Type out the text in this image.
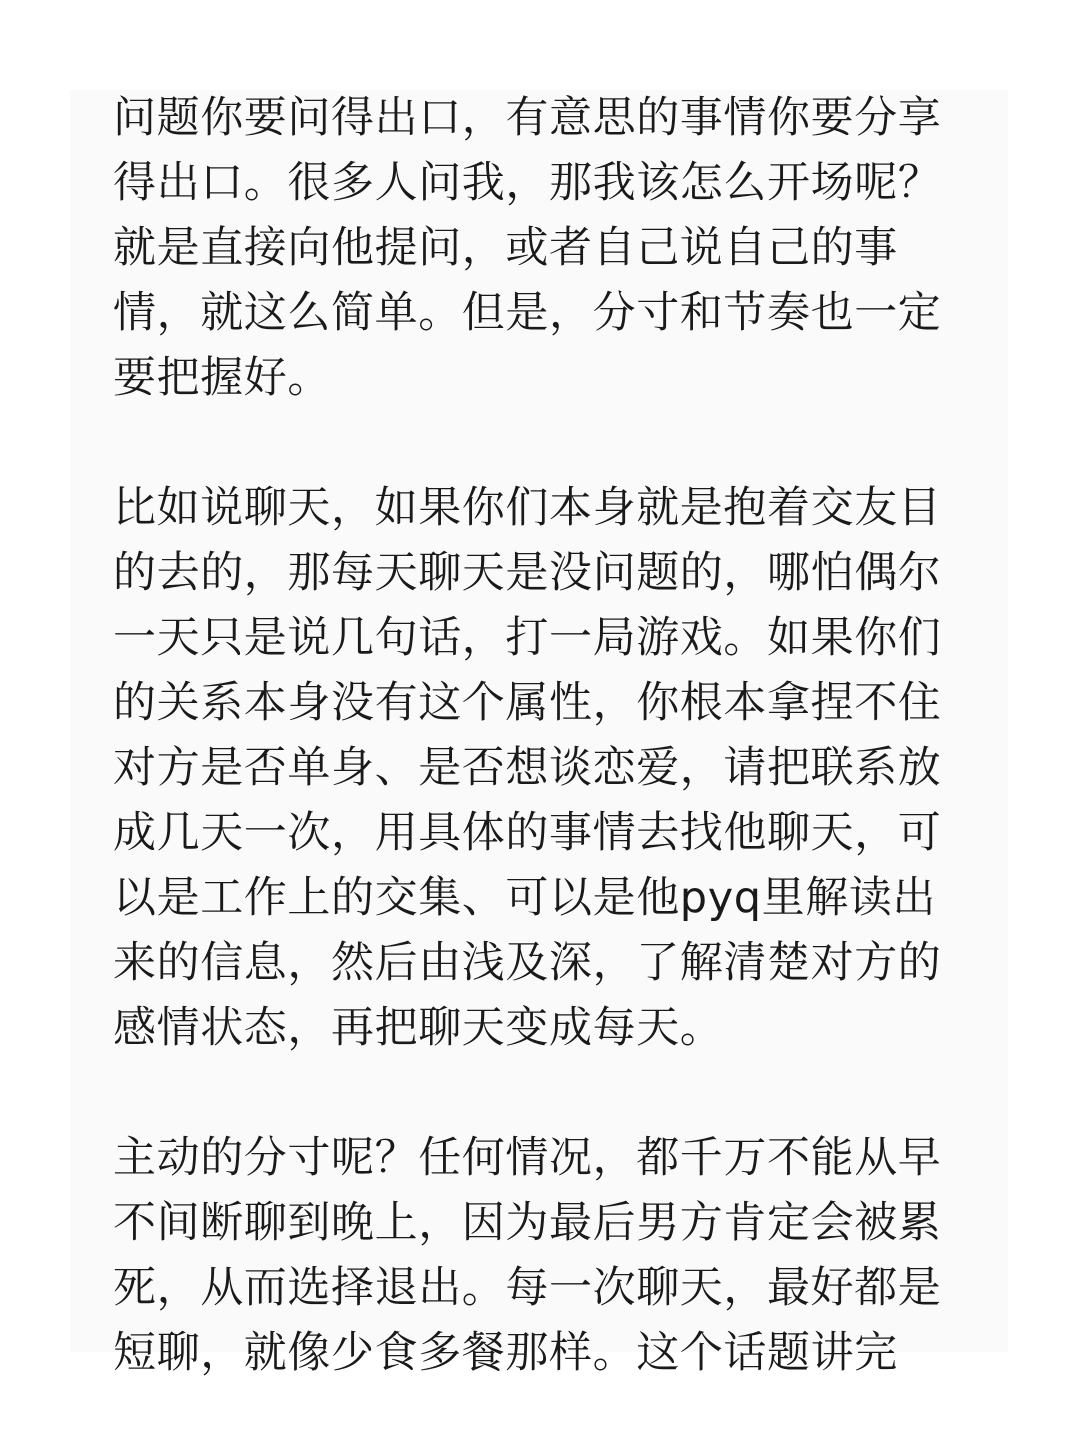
问题你要问得出口，有意思的事情你要分享
得出口。很多人问我，那我该怎么开场呢？
就是直接向他提问，或者自己说自己的事
情，就这么简单。但是，分寸和节奏也一定
要把握好。
比如说聊天，如果你们本身就是抱着交友目
的去的，那每天聊天是没问题的，哪怕偶尔
一天只是说几句话，打一局游戏。如果你们
的关系本身没有这个属性，你根本拿捏不住
对方是否单身、是否想谈恋爱，请把联系放
成几天一次，用具体的事情去找他聊天，可
以是工作上的交集、可以是他pyq里解读出
来的信息，然后由浅及深，了解清楚对方的
感情状态，再把聊天变成每天。
主动的分寸呢？任何情况，都千万不能从早
不间断聊到晚上，因为最后男方肯定会被累
死，从而选择退出。每一次聊天，最好都是
短聊，就像少食多餐那样。这个话题讲完
